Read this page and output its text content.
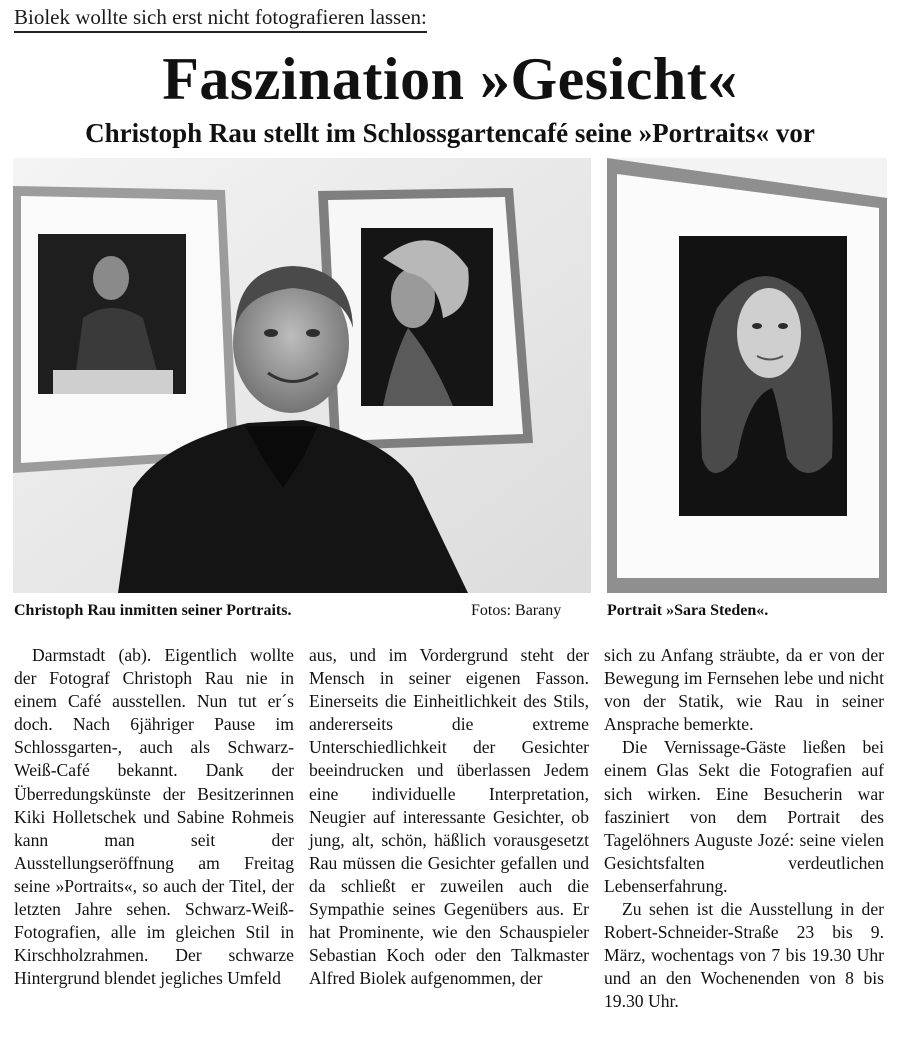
Biolek wollte sich erst nicht fotografieren lassen:
Faszination »Gesicht«
Christoph Rau stellt im Schlossgartencafé seine »Portraits« vor
Christoph Rau inmitten seiner Portraits.	Fotos: Barany	Portrait »Sara Steden«.

Darmstadt (ab). Eigentlich wollte der Fotograf Christoph Rau nie in einem Café ausstellen. Nun tut er´s doch. Nach 6jähriger Pause im Schlossgarten-, auch als Schwarz-Weiß-Café bekannt. Dank der Überredungskünste der Besitzerinnen Kiki Holletschek und Sabine Rohmeis kann man seit der Ausstellungseröffnung am Freitag seine »Portraits«, so auch der Titel, der letzten Jahre sehen. Schwarz-Weiß-Fotografien, alle im gleichen Stil in Kirschholzrahmen. Der schwarze Hintergrund blendet jegliches Umfeld

aus, und im Vordergrund steht der Mensch in seiner eigenen Fasson. Einerseits die Einheitlichkeit des Stils, andererseits die extreme Unterschiedlichkeit der Gesichter beeindrucken und überlassen Jedem eine individuelle Interpretation, Neugier auf interessante Gesichter, ob jung, alt, schön, häßlich vorausgesetzt Rau müssen die Gesichter gefallen und da schließt er zuweilen auch die Sympathie seines Gegenübers aus. Er hat Prominente, wie den Schauspieler Sebastian Koch oder den Talkmaster Alfred Biolek aufgenommen, der

sich zu Anfang sträubte, da er von der Bewegung im Fernsehen lebe und nicht von der Statik, wie Rau in seiner Ansprache bemerkte.

Die Vernissage-Gäste ließen bei einem Glas Sekt die Fotografien auf sich wirken. Eine Besucherin war fasziniert von dem Portrait des Tagelöhners Auguste Jozé: seine vielen Gesichtsfalten verdeutlichen Lebenserfahrung.

Zu sehen ist die Ausstellung in der Robert-Schneider-Straße 23 bis 9. März, wochentags von 7 bis 19.30 Uhr und an den Wochenenden von 8 bis 19.30 Uhr.
